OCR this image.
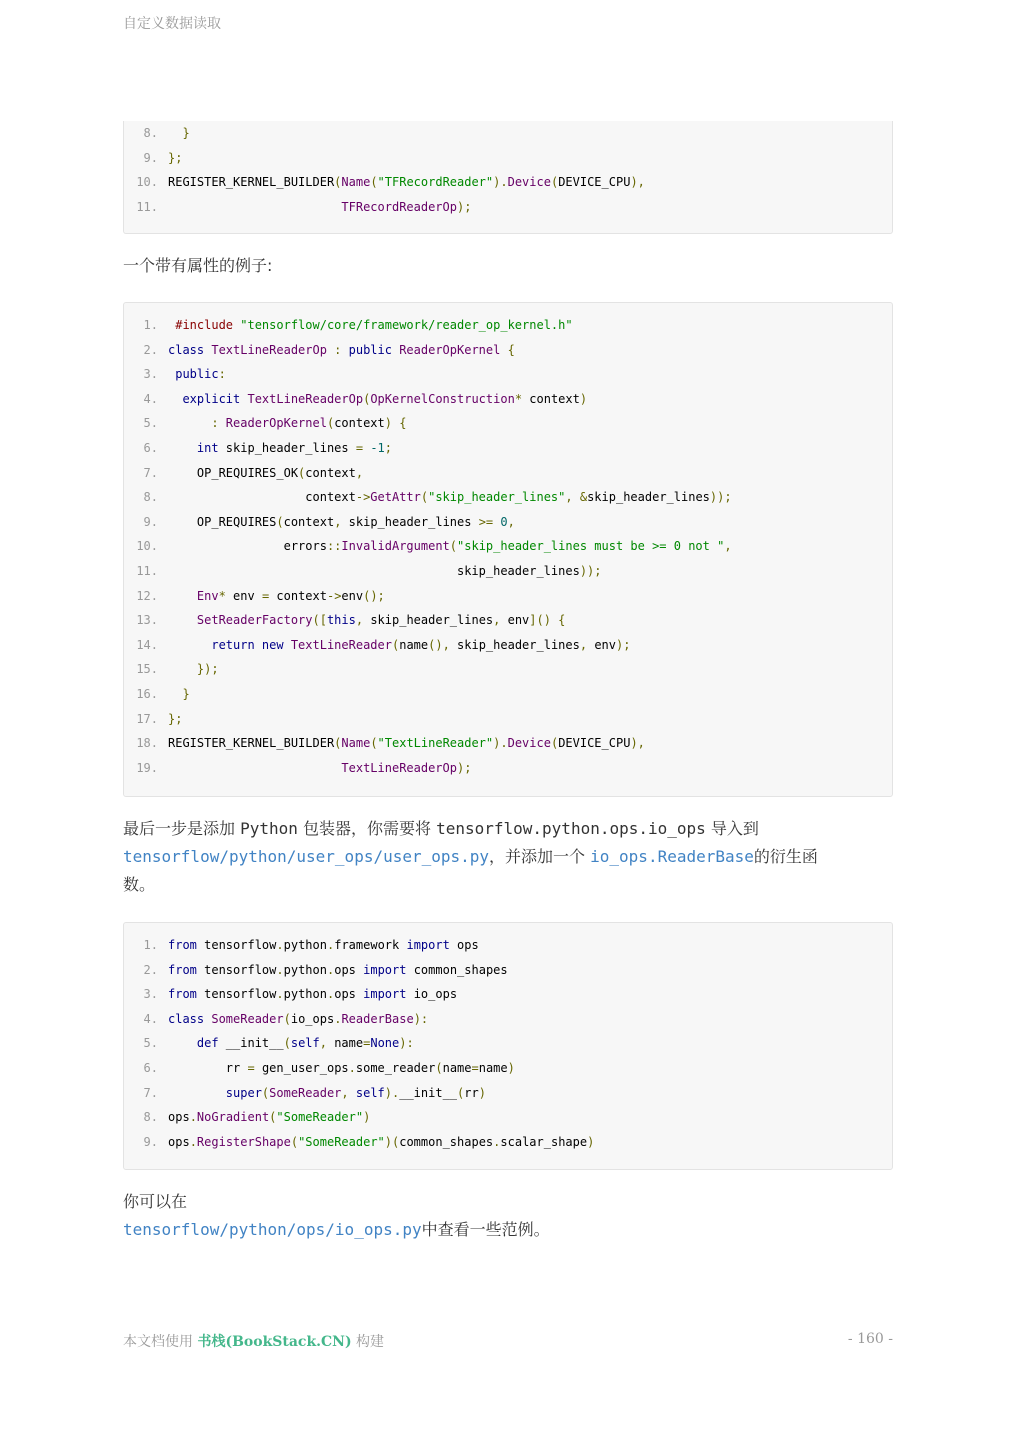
自定义数据读取
8.	}
9. };
10. REGISTER_KERNEL_BUILDER(Name("TFRecordReader").Device(DEVICE_CPU),
11.	TFRecordReaderOp);
一个带有属性的例子:
1. #include "tensorflow/core/framework/reader_op_kernel.h"
2. class TextLineReaderOp : public ReaderOpKernel {
3. public:
4. explicit TextLineReaderOp(OpKernelConstruction* context)
5. : ReaderOpKernel(context) {
6. int skip_header_lines = -1;
7. OP_REQUIRES_OK(context,
8. context->GetAttr("skip_header_lines", &skip_header_lines));
9. OP_REQUIRES(context, skip_header_lines >= 0,
10. errors::InvalidArgument("skip_header_lines must be >= 0 not ",
11. skip_header_lines));
12. Env* env = context->env();
13. SetReaderFactory([this, skip_header_lines, env]() {
14. return new TextLineReader(name(), skip_header_lines, env);
15. });
16. }
17. };
18. REGISTER_KERNEL_BUILDER(Name("TextLineReader").Device(DEVICE_CPU),
19.	TextLineReaderOp);
最后一步是添加 Python 包装器，你需要将 tensorflow.python.ops.io_ops 导入到
tensorflow/python/user_ops/user_ops.py，并添加一个 io_ops.ReaderBase的衍生函
数。
1. from tensorflow.python.framework import ops
2. from tensorflow.python.ops import common_shapes
3. from tensorflow.python.ops import io_ops
4. class SomeReader(io_ops.ReaderBase):
5. def __init__(self, name=None):
6. rr = gen_user_ops.some_reader(name=name)
7. super(SomeReader, self).__init__(rr)
8. ops.NoGradient("SomeReader")
9. ops.RegisterShape("SomeReader")(common_shapes.scalar_shape)
你可以在
tensorflow/python/ops/io_ops.py中查看一些范例。
本文档使用 书栈(BookStack.CN) 构建	- 160 -
